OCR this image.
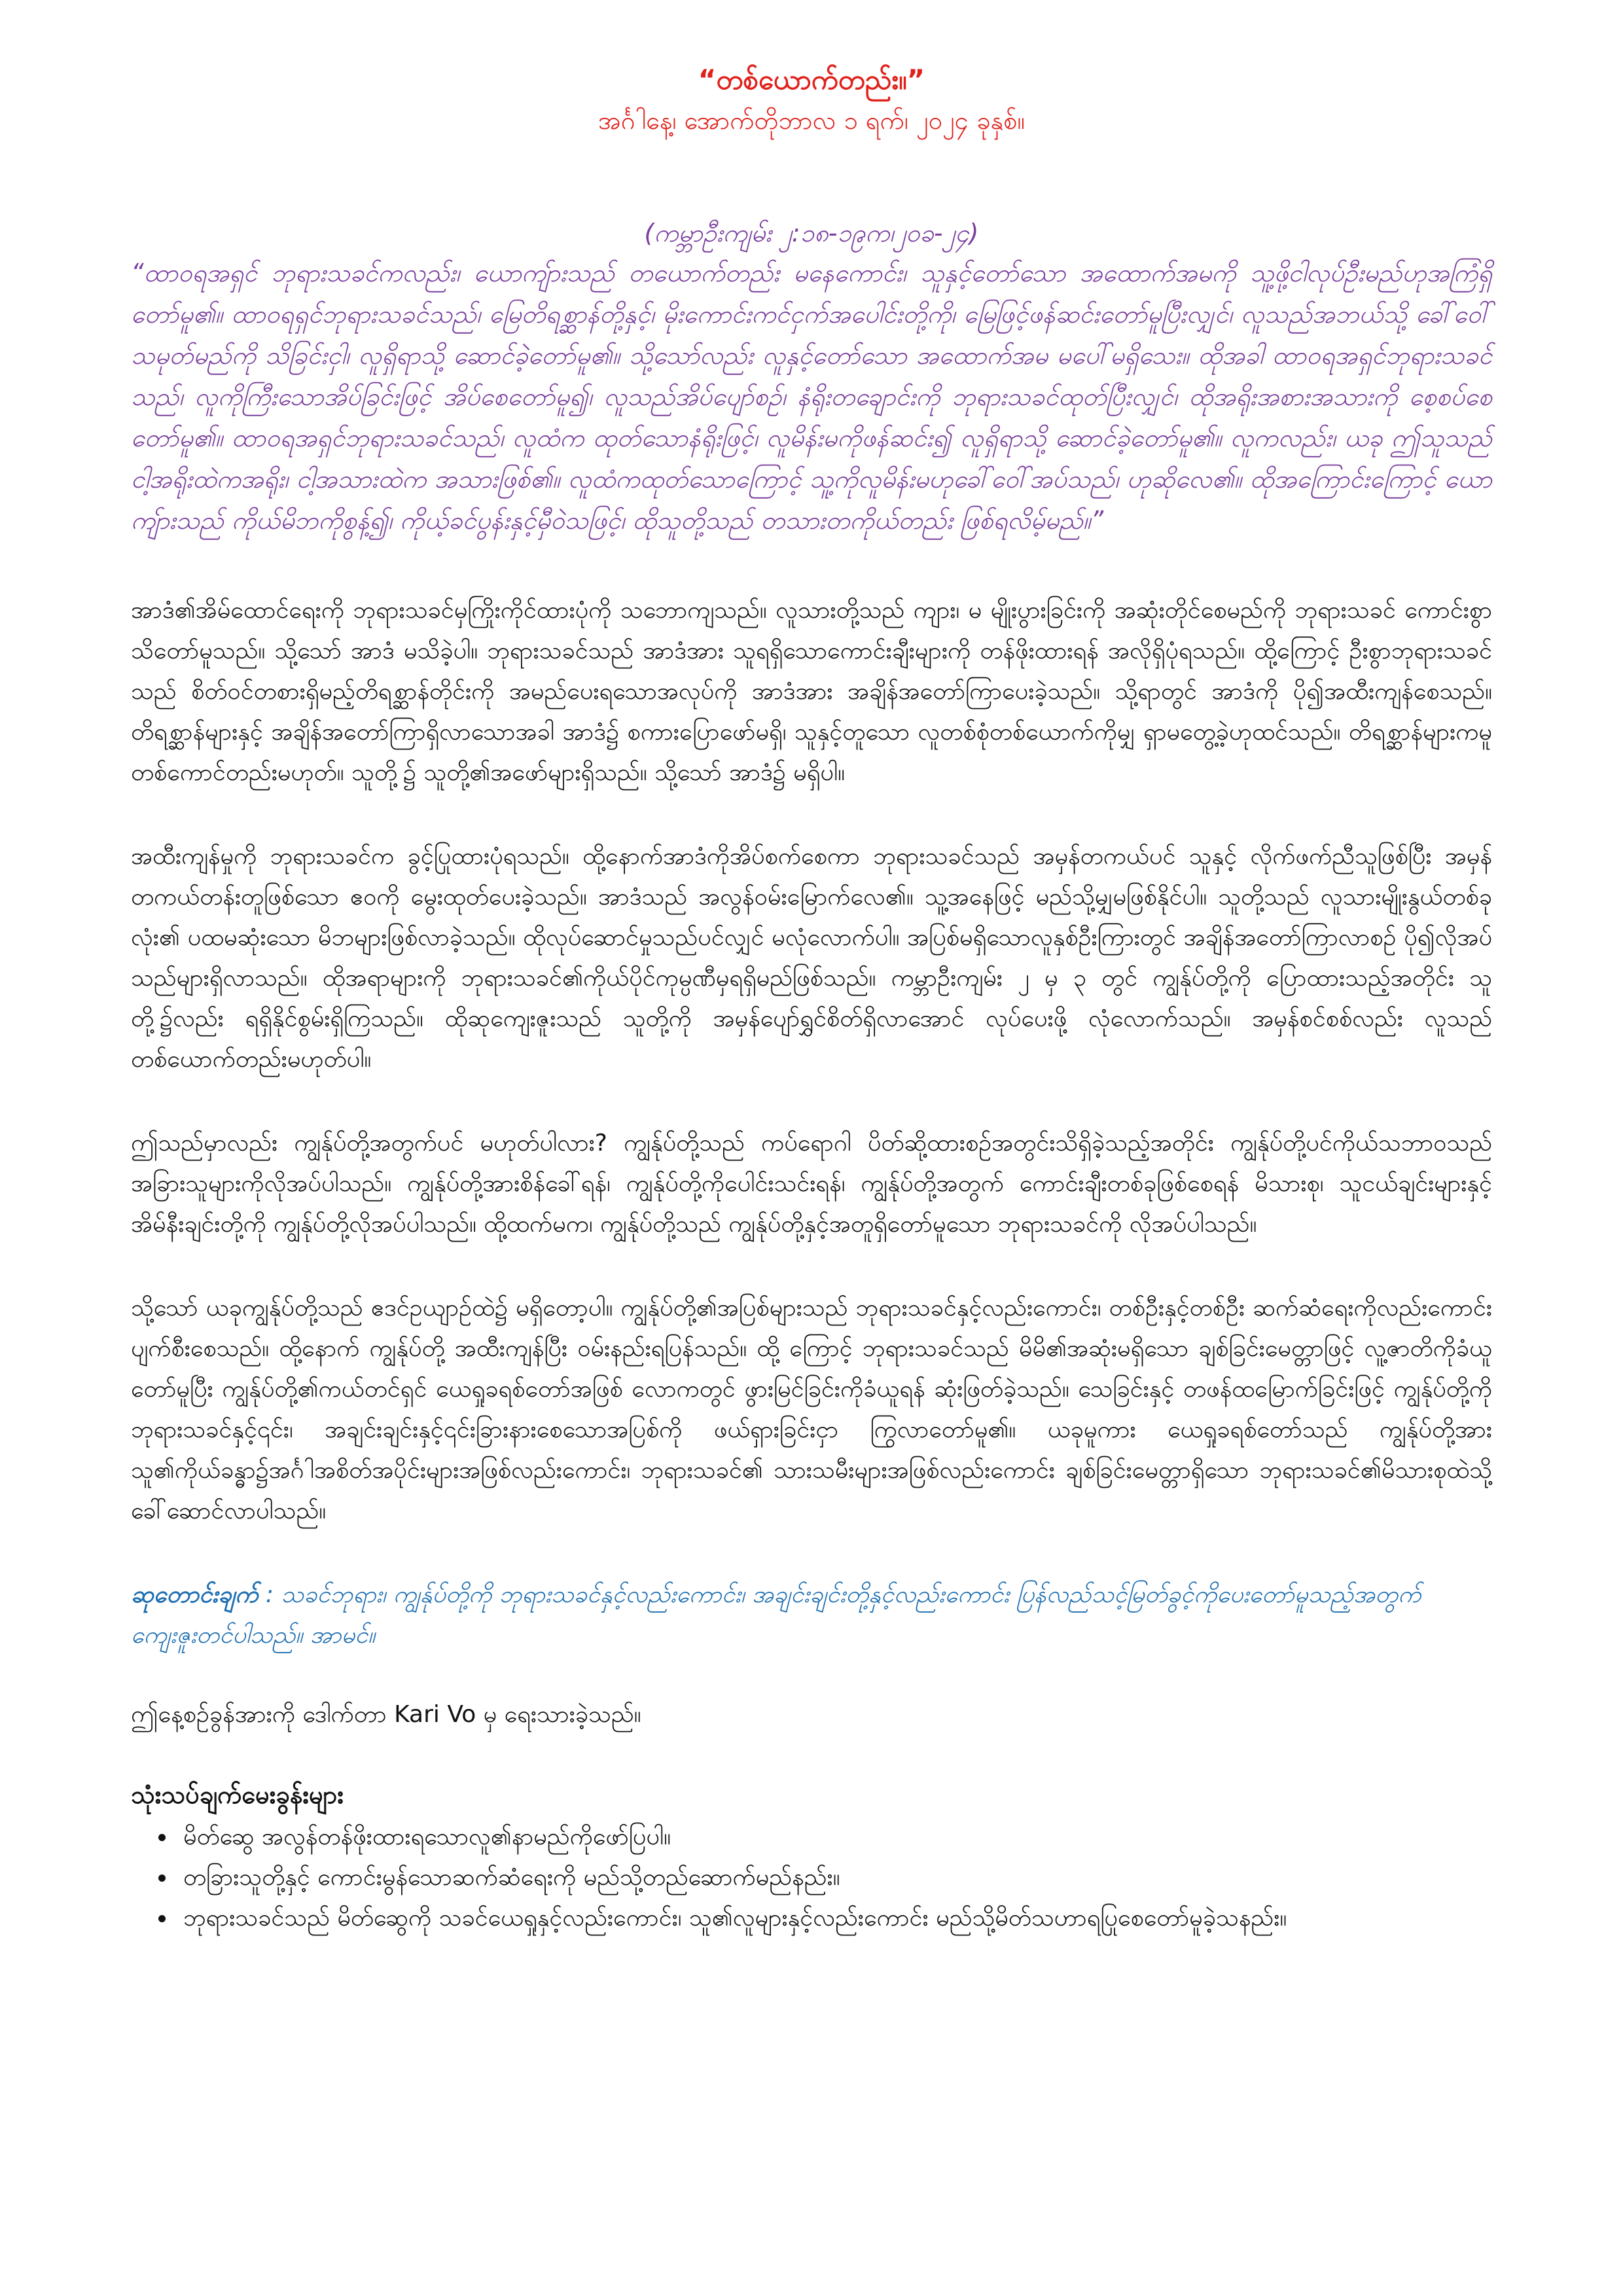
“တစ်ယောက်တည်း။”

အင်္ဂါနေ့၊ အောက်တိုဘာလ ၁ ရက်၊ ၂၀၂၄ ခုနှစ်။

(ကမ္ဘာဦးကျမ်း ၂:၁၈-၁၉က၊၂၀ခ-၂၄)

“ထာဝရအရှင် ဘုရားသခင်ကလည်း၊ ယောကျ်ားသည် တယောက်တည်း မနေကောင်း၊ သူနှင့်တော်သော အထောက်အမကို သူ့ဖို့ငါလုပ်ဦးမည်ဟုအကြံရှိတော်မူ၏။ ထာဝရရှင်ဘုရားသခင်သည်၊ မြေတိရစ္ဆာန်တို့နှင့်၊ မိုးကောင်းကင်ငှက်အပေါင်းတို့ကို၊ မြေဖြင့်ဖန်ဆင်းတော်မူပြီးလျှင်၊ လူသည်အဘယ်သို့ ခေါ်ဝေါ်သမုတ်မည်ကို သိခြင်းငှါ၊ လူရှိရာသို့ ဆောင်ခဲ့တော်မူ၏။ သို့သော်လည်း လူနှင့်တော်သော အထောက်အမ မပေါ်မရှိသေး။ ထိုအခါ ထာဝရအရှင်ဘုရားသခင်သည်၊ လူကိုကြီးသောအိပ်ခြင်းဖြင့် အိပ်စေတော်မူ၍၊ လူသည်အိပ်ပျော်စဉ်၊ နံရိုးတချောင်းကို ဘုရားသခင်ထုတ်ပြီးလျှင်၊ ထိုအရိုးအစားအသားကို စေ့စပ်စေတော်မူ၏။ ထာဝရအရှင်ဘုရားသခင်သည်၊ လူထံက ထုတ်သောနံရိုးဖြင့်၊ လူမိန်းမကိုဖန်ဆင်း၍ လူရှိရာသို့ ဆောင်ခဲ့တော်မူ၏။ လူကလည်း၊ ယခု ဤသူသည် ငါ့အရိုးထဲကအရိုး၊ ငါ့အသားထဲက အသားဖြစ်၏။ လူထံကထုတ်သောကြောင့် သူ့ကိုလူမိန်းမဟုခေါ်ဝေါ်အပ်သည်၊ ဟုဆိုလေ၏။ ထိုအကြောင်းကြောင့် ယောကျ်ားသည် ကိုယ်မိဘကိုစွန့်၍၊ ကိုယ့်ခင်ပွန်းနှင့်မှီဝဲသဖြင့်၊ ထိုသူတို့သည် တသားတကိုယ်တည်း ဖြစ်ရလိမ့်မည်။”

အာဒံ၏အိမ်ထောင်ရေးကို ဘုရားသခင်မှကြိုးကိုင်ထားပုံကို သဘောကျသည်။ လူသားတို့သည် ကျား၊ မ မျိုးပွားခြင်းကို အဆုံးတိုင်စေမည်ကို ဘုရားသခင် ကောင်းစွာသိတော်မူသည်။ သို့သော် အာဒံ မသိခဲ့ပါ။ ဘုရားသခင်သည် အာဒံအား သူရရှိသောကောင်းချီးများကို တန်ဖိုးထားရန် အလိုရှိပုံရသည်။ ထို့ကြောင့် ဦးစွာဘုရားသခင်သည် စိတ်ဝင်တစားရှိမည့်တိရစ္ဆာန်တိုင်းကို အမည်ပေးရသောအလုပ်ကို အာဒံအား အချိန်အတော်ကြာပေးခဲ့သည်။ သို့ရာတွင် အာဒံကို ပို၍အထီးကျန်စေသည်။ တိရစ္ဆာန်များနှင့် အချိန်အတော်ကြာရှိလာသောအခါ အာဒံ၌ စကားပြောဖော်မရှိ၊ သူနှင့်တူသော လူတစ်စုံတစ်ယောက်ကိုမျှ ရှာမတွေ့ခဲ့ဟုထင်သည်။ တိရစ္ဆာန်များကမူ တစ်ကောင်တည်းမဟုတ်။ သူတို့၌ သူတို့၏အဖော်များရှိသည်။ သို့သော် အာဒံ၌ မရှိပါ။

အထီးကျန်မှုကို ဘုရားသခင်က ခွင့်ပြုထားပုံရသည်။ ထို့နောက်အာဒံကိုအိပ်စက်စေကာ ဘုရားသခင်သည် အမှန်တကယ်ပင် သူနှင့် လိုက်ဖက်ညီသူဖြစ်ပြီး အမှန်တကယ်တန်းတူဖြစ်သော ဧဝကို မွေးထုတ်ပေးခဲ့သည်။ အာဒံသည် အလွန်ဝမ်းမြောက်လေ၏။ သူ့အနေဖြင့် မည်သို့မျှမဖြစ်နိုင်ပါ။ သူတို့သည် လူသားမျိုးနွယ်တစ်ခုလုံး၏ ပထမဆုံးသော မိဘများဖြစ်လာခဲ့သည်။ ထိုလုပ်ဆောင်မှုသည်ပင်လျှင် မလုံလောက်ပါ။ အပြစ်မရှိသောလူနှစ်ဦးကြားတွင် အချိန်အတော်ကြာလာစဉ် ပို၍လိုအပ်သည်များရှိလာသည်။ ထိုအရာများကို ဘုရားသခင်၏ကိုယ်ပိုင်ကုမ္ပဏီမှရရှိမည်ဖြစ်သည်။ ကမ္ဘာဦးကျမ်း ၂ မှ ၃ တွင် ကျွန်ုပ်တို့ကို ပြောထားသည့်အတိုင်း သူတို့၌လည်း ရရှိနိုင်စွမ်းရှိကြသည်။ ထိုဆုကျေးဇူးသည် သူတို့ကို အမှန်ပျော်ရွှင်စိတ်ရှိလာအောင် လုပ်ပေးဖို့ လုံလောက်သည်။ အမှန်စင်စစ်လည်း လူသည် တစ်ယောက်တည်းမဟုတ်ပါ။

ဤသည်မှာလည်း ကျွန်ုပ်တို့အတွက်ပင် မဟုတ်ပါလား? ကျွန်ုပ်တို့သည် ကပ်ရောဂါ ပိတ်ဆို့ထားစဉ်အတွင်းသိရှိခဲ့သည့်အတိုင်း ကျွန်ုပ်တို့ပင်ကိုယ်သဘာဝသည် အခြားသူများကိုလိုအပ်ပါသည်။ ကျွန်ုပ်တို့အားစိန်ခေါ်ရန်၊ ကျွန်ုပ်တို့ကိုပေါင်းသင်းရန်၊ ကျွန်ုပ်တို့အတွက် ကောင်းချီးတစ်ခုဖြစ်စေရန် မိသားစု၊ သူငယ်ချင်းများနှင့် အိမ်နီးချင်းတို့ကို ကျွန်ုပ်တို့လိုအပ်ပါသည်။ ထို့ထက်မက၊ ကျွန်ုပ်တို့သည် ကျွန်ုပ်တို့နှင့်အတူရှိတော်မူသော ဘုရားသခင်ကို လိုအပ်ပါသည်။

သို့သော် ယခုကျွန်ုပ်တို့သည် ဧဒင်ဥယျာဉ်ထဲ၌ မရှိတော့ပါ။ ကျွန်ုပ်တို့၏အပြစ်များသည် ဘုရားသခင်နှင့်လည်းကောင်း၊ တစ်ဦးနှင့်တစ်ဦး ဆက်ဆံရေးကိုလည်းကောင်း ပျက်စီးစေသည်။ ထို့နောက် ကျွန်ုပ်တို့ အထီးကျန်ပြီး ဝမ်းနည်းရပြန်သည်။ ထို့ ကြောင့် ဘုရားသခင်သည် မိမိ၏အဆုံးမရှိသော ချစ်ခြင်းမေတ္တာဖြင့် လူ့ဇာတိကိုခံယူတော်မူပြီး ကျွန်ုပ်တို့၏ကယ်တင်ရှင် ယေရှုခရစ်တော်အဖြစ် လောကတွင် ဖွားမြင်ခြင်းကိုခံယူရန် ဆုံးဖြတ်ခဲ့သည်။ သေခြင်းနှင့် တဖန်ထမြောက်ခြင်းဖြင့် ကျွန်ုပ်တို့ကို ဘုရားသခင်နှင့်၎င်း၊ အချင်းချင်းနှင့်၎င်းခြားနားစေသောအပြစ်ကို ဖယ်ရှားခြင်းငှာ ကြွလာတော်မူ၏။ ယခုမူကား ယေရှုခရစ်တော်သည် ကျွန်ုပ်တို့အား သူ၏ကိုယ်ခန္ဓာ၌အင်္ဂါအစိတ်အပိုင်းများအဖြစ်လည်းကောင်း၊ ဘုရားသခင်၏ သားသမီးများအဖြစ်လည်းကောင်း ချစ်ခြင်းမေတ္တာရှိသော ဘုရားသခင်၏မိသားစုထဲသို့ခေါ်ဆောင်လာပါသည်။

ဆုတောင်းချက် : သခင်ဘုရား၊ ကျွန်ုပ်တို့ကို ဘုရားသခင်နှင့်လည်းကောင်း၊ အချင်းချင်းတို့နှင့်လည်းကောင်း ပြန်လည်သင့်မြတ်ခွင့်ကိုပေးတော်မူသည့်အတွက် ကျေးဇူးတင်ပါသည်။ အာမင်။

ဤနေ့စဉ်ခွန်အားကို ဒေါက်တာ Kari Vo မှ ရေးသားခဲ့သည်။

သုံးသပ်ချက်မေးခွန်းများ

• မိတ်ဆွေ အလွန်တန်ဖိုးထားရသောလူ၏နာမည်ကိုဖော်ပြပါ။
• တခြားသူတို့နှင့် ကောင်းမွန်သောဆက်ဆံရေးကို မည်သို့တည်ဆောက်မည်နည်း။
• ဘုရားသခင်သည် မိတ်ဆွေကို သခင်ယေရှုနှင့်လည်းကောင်း၊ သူ၏လူများနှင့်လည်းကောင်း မည်သို့မိတ်သဟာရပြုစေတော်မူခဲ့သနည်း။
